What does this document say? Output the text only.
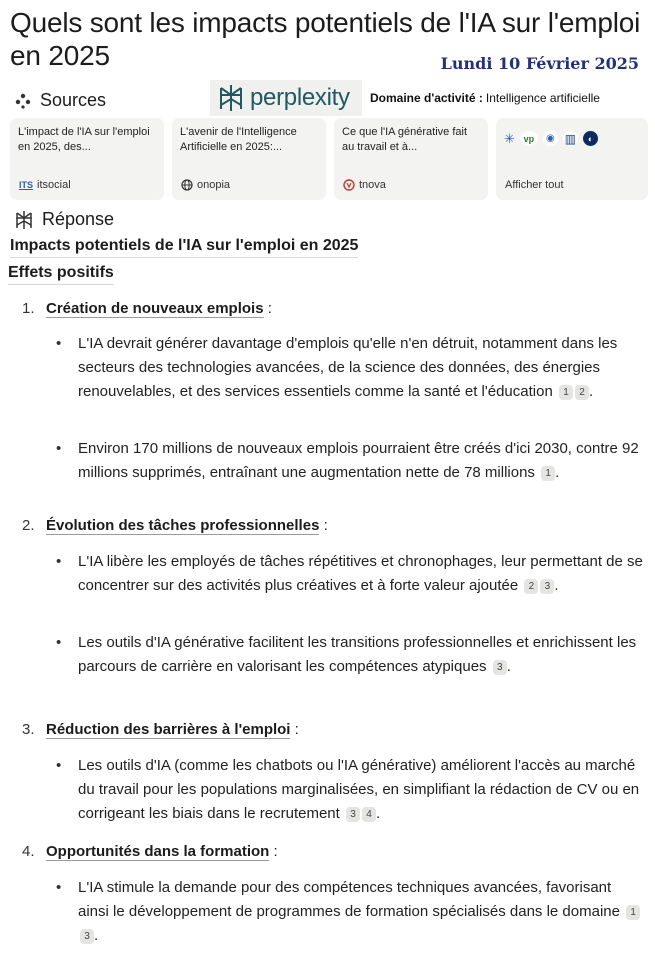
Quels sont les impacts potentiels de l'IA sur l'emploi en 2025	Lundi 10 Février 2025
Sources	perplexity Domaine d'activité : Intelligence artificielle
L'impact de l'IA sur l'emploi en 2025, des...
ITS itsocial
L'avenir de l'Intelligence Artificielle en 2025:...
onopia
Ce que l'IA générative fait au travail et à...
tnova
✳ vp	◉ ▥	◐
Afficher tout
Réponse
Impacts potentiels de l'IA sur l'emploi en 2025
Effets positifs
1. Création de nouveaux emplois :
• L'IA devrait générer davantage d'emplois qu'elle n'en détruit, notamment dans les secteurs des technologies avancées, de la science des données, des énergies renouvelables, et des services essentiels comme la santé et l'éducation 1 2 .
• Environ 170 millions de nouveaux emplois pourraient être créés d'ici 2030, contre 92 millions supprimés, entraînant une augmentation nette de 78 millions 1 .
2. Évolution des tâches professionnelles :
• L'IA libère les employés de tâches répétitives et chronophages, leur permettant de se concentrer sur des activités plus créatives et à forte valeur ajoutée 2 3 .
• Les outils d'IA générative facilitent les transitions professionnelles et enrichissent les parcours de carrière en valorisant les compétences atypiques 3 .
3. Réduction des barrières à l'emploi :
• Les outils d'IA (comme les chatbots ou l'IA générative) améliorent l'accès au marché du travail pour les populations marginalisées, en simplifiant la rédaction de CV ou en corrigeant les biais dans le recrutement 3 4 .
4. Opportunités dans la formation :
• L'IA stimule la demande pour des compétences techniques avancées, favorisant ainsi le développement de programmes de formation spécialisés dans le domaine 13 .
